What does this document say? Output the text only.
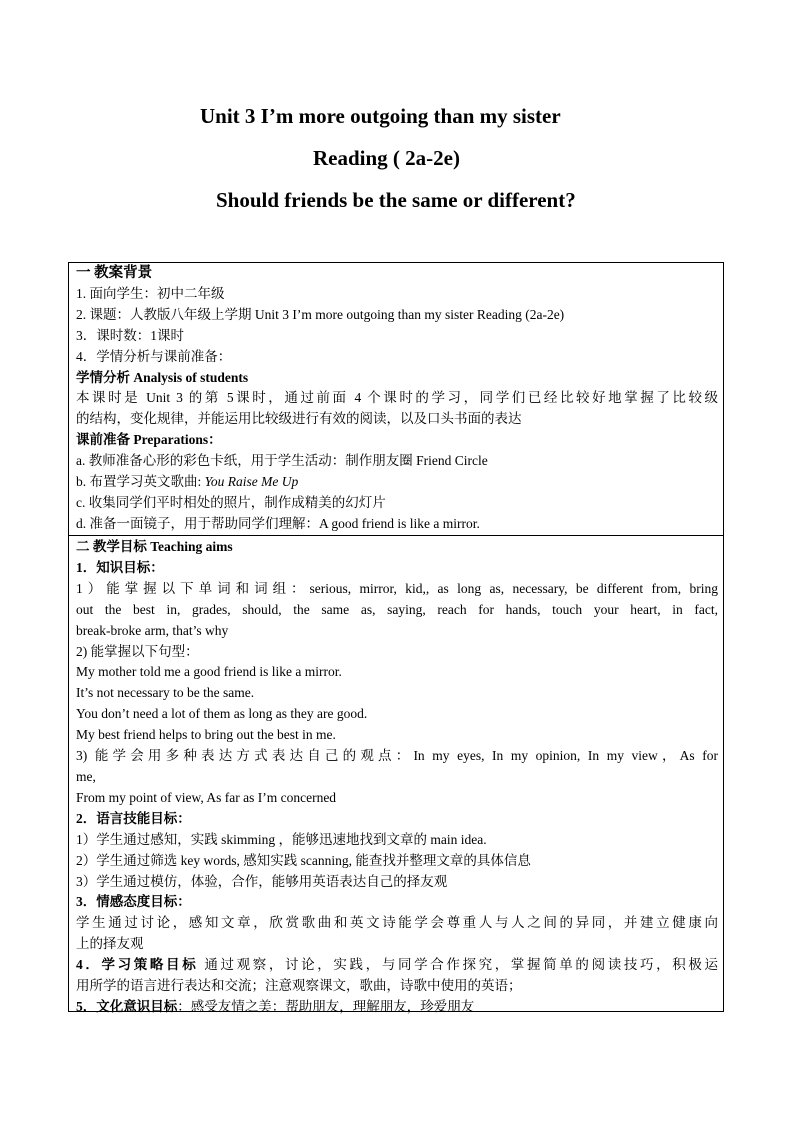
Unit 3 I’m more outgoing than my sister
Reading ( 2a-2e)
Should friends be the same or different?
一 教案背景
1. 面向学生：初中二年级
2. 课题：人教版八年级上学期 Unit 3 I’m more outgoing than my sister Reading (2a-2e)
3．课时数：1课时
4．学情分析与课前准备：
学情分析 Analysis of students
本课时是 Unit 3 的第 5课时，通过前面 4 个课时的学习，同学们已经比较好地掌握了比较级
的结构，变化规律，并能运用比较级进行有效的阅读，以及口头书面的表达
课前准备 Preparations：
a. 教师准备心形的彩色卡纸，用于学生活动：制作朋友圈 Friend Circle
b. 布置学习英文歌曲: You Raise Me Up
c. 收集同学们平时相处的照片，制作成精美的幻灯片
d. 准备一面镜子，用于帮助同学们理解：A good friend is like a mirror.
二 教学目标 Teaching aims
1．知识目标：
1）能掌握以下单词和词组：serious, mirror, kid,, as long as, necessary, be different from, bring
out the best in, grades, should, the same as, saying, reach for hands, touch your heart, in fact,
break-broke arm, that’s why
2) 能掌握以下句型：
My mother told me a good friend is like a mirror.
It’s not necessary to be the same.
You don’t need a lot of them as long as they are good.
My best friend helps to bring out the best in me.
3) 能学会用多种表达方式表达自己的观点：In my eyes, In my opinion, In my view，As for
me,
From my point of view, As far as I’m concerned
2．语言技能目标：
1）学生通过感知，实践 skimming ，能够迅速地找到文章的 main idea.
2）学生通过筛选 key words, 感知实践 scanning, 能查找并整理文章的具体信息
3）学生通过模仿，体验，合作，能够用英语表达自己的择友观
3．情感态度目标：
学生通过讨论，感知文章，欣赏歌曲和英文诗能学会尊重人与人之间的异同，并建立健康向
上的择友观
4．学习策略目标 通过观察，讨论，实践，与同学合作探究，掌握简单的阅读技巧，积极运
用所学的语言进行表达和交流；注意观察课文，歌曲，诗歌中使用的英语；
5．文化意识目标：感受友情之美：帮助朋友，理解朋友，珍爱朋友
